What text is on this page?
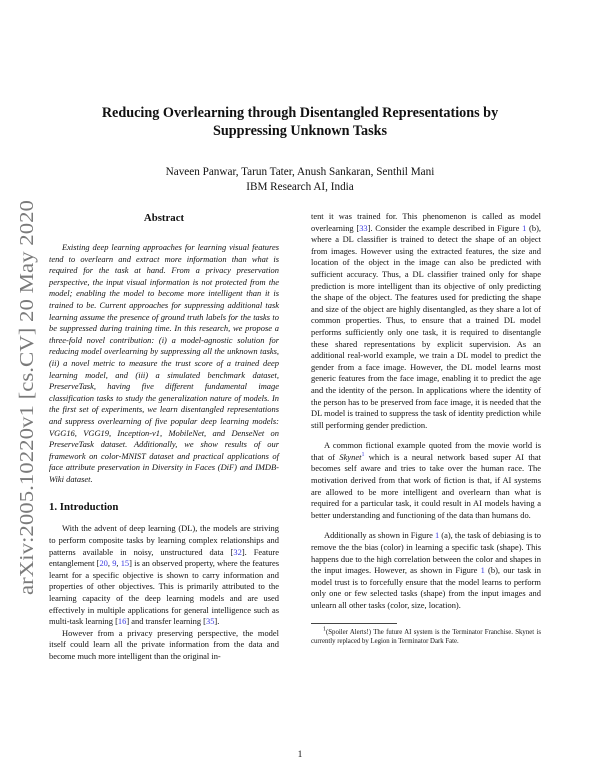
arXiv:2005.10220v1 [cs.CV] 20 May 2020
Reducing Overlearning through Disentangled Representations by Suppressing Unknown Tasks
Naveen Panwar, Tarun Tater, Anush Sankaran, Senthil Mani
IBM Research AI, India
Abstract

Existing deep learning approaches for learning visual features tend to overlearn and extract more information than what is required for the task at hand. From a privacy preservation perspective, the input visual information is not protected from the model; enabling the model to become more intelligent than it is trained to be. Current approaches for suppressing additional task learning assume the presence of ground truth labels for the tasks to be suppressed during training time. In this research, we propose a three-fold novel contribution: (i) a model-agnostic solution for reducing model overlearning by suppressing all the unknown tasks, (ii) a novel metric to measure the trust score of a trained deep learning model, and (iii) a simulated benchmark dataset, PreserveTask, having five different fundamental image classification tasks to study the generalization nature of models. In the first set of experiments, we learn disentangled representations and suppress overlearning of five popular deep learning models: VGG16, VGG19, Inception-v1, MobileNet, and DenseNet on PreserveTask dataset. Additionally, we show results of our framework on color-MNIST dataset and practical applications of face attribute preservation in Diversity in Faces (DiF) and IMDB-Wiki dataset.

1. Introduction

With the advent of deep learning (DL), the models are striving to perform composite tasks by learning complex relationships and patterns available in noisy, unstructured data [32]. Feature entanglement [20, 9, 15] is an observed property, where the features learnt for a specific objective is shown to carry information and properties of other objectives. This is primarily attributed to the learning capacity of the deep learning models and are used effectively in multiple applications for general intelligence such as multi-task learning [16] and transfer learning [35].

However from a privacy preserving perspective, the model itself could learn all the private information from the data and become much more intelligent than the original in-

tent it was trained for. This phenomenon is called as model overlearning [33]. Consider the example described in Figure 1 (b), where a DL classifier is trained to detect the shape of an object from images. However using the extracted features, the size and location of the object in the image can also be predicted with sufficient accuracy. Thus, a DL classifier trained only for shape prediction is more intelligent than its objective of only predicting the shape of the object. The features used for predicting the shape and size of the object are highly disentangled, as they share a lot of common properties. Thus, to ensure that a trained DL model performs sufficiently only one task, it is required to disentangle these shared representations by explicit supervision. As an additional real-world example, we train a DL model to predict the gender from a face image. However, the DL model learns most generic features from the face image, enabling it to predict the age and the identity of the person. In applications where the identity of the person has to be preserved from face image, it is needed that the DL model is trained to suppress the task of identity prediction while still performing gender prediction.

A common fictional example quoted from the movie world is that of Skynet$^1$ which is a neural network based super AI that becomes self aware and tries to take over the human race. The motivation derived from that work of fiction is that, if AI systems are allowed to be more intelligent and overlearn than what is required for a particular task, it could result in AI models having a better understanding and functioning of the data than humans do.

Additionally as shown in Figure 1 (a), the task of debiasing is to remove the the bias (color) in learning a specific task (shape). This happens due to the high correlation between the color and shapes in the input images. However, as shown in Figure 1 (b), our task in model trust is to forcefully ensure that the model learns to perform only one or few selected tasks (shape) from the input images and unlearn all other tasks (color, size, location).

$^1$(Spoiler Alerts!) The future AI system is the Terminator Franchise. Skynet is currently replaced by Legion in Terminator Dark Fate.

1
